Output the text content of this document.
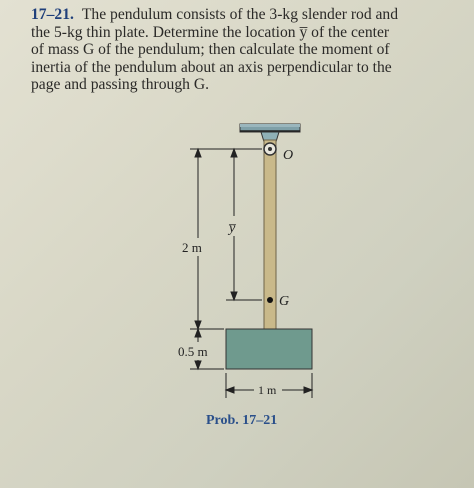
17–21. The pendulum consists of the 3-kg slender rod and
the 5-kg thin plate. Determine the location y̅ of the center
of mass G of the pendulum; then calculate the moment of
inertia of the pendulum about an axis perpendicular to the
page and passing through G.
O
G
y̅
2 m
0.5 m
1 m
Prob. 17–21
